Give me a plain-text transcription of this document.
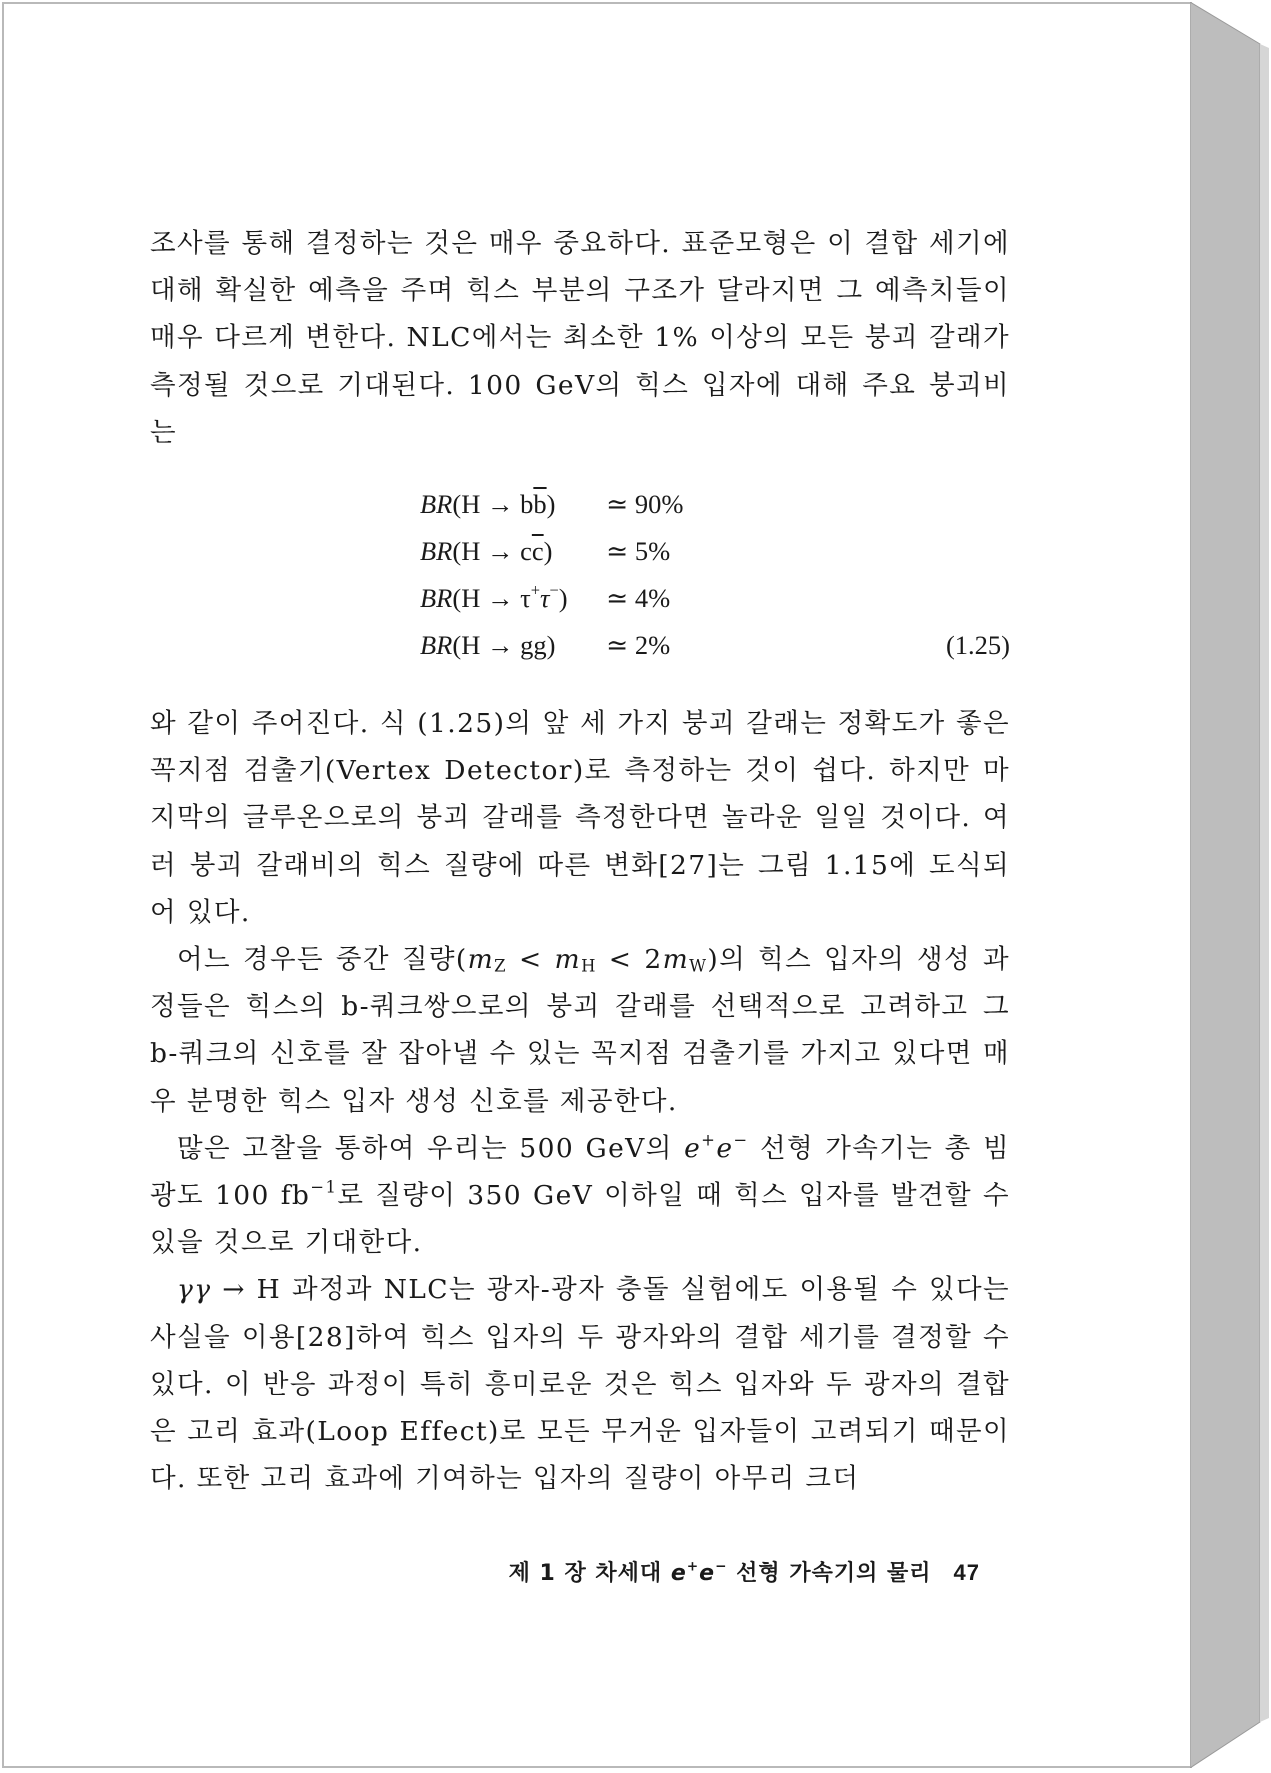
조사를 통해 결정하는 것은 매우 중요하다. 표준모형은 이 결합 세기에 대해 확실한 예측을 주며 힉스 부분의 구조가 달라지면 그 예측치들이 매우 다르게 변한다. NLC에서는 최소한 1% 이상의 모든 붕괴 갈래가 측정될 것으로 기대된다. 100 GeV의 힉스 입자에 대해 주요 붕괴비는

$BR(H \to b\overline{b})$ ≃ 90%
$BR(H \to c\overline{c})$ ≃ 5%
BR(H → τ+τ−) ≃ 4%
BR(H → gg) ≃ 2%	(1.25)

와 같이 주어진다. 식 (1.25)의 앞 세 가지 붕괴 갈래는 정확도가 좋은 꼭지점 검출기(Vertex Detector)로 측정하는 것이 쉽다. 하지만 마지막의 글루온으로의 붕괴 갈래를 측정한다면 놀라운 일일 것이다. 여러 붕괴 갈래비의 힉스 질량에 따른 변화[27]는 그림 1.15에 도식되어 있다.

어느 경우든 중간 질량$(m_Z < m_H < 2m_W)$의 힉스 입자의 생성 과정들은 힉스의 b-쿼크쌍으로의 붕괴 갈래를 선택적으로 고려하고 그 b-쿼크의 신호를 잘 잡아낼 수 있는 꼭지점 검출기를 가지고 있다면 매우 분명한 힉스 입자 생성 신호를 제공한다.

많은 고찰을 통하여 우리는 500 GeV의 e+e− 선형 가속기는 총 빔광도 100 $fb^{-1}$로 질량이 350 GeV 이하일 때 힉스 입자를 발견할 수 있을 것으로 기대한다.

γγ → H 과정과 NLC는 광자-광자 충돌 실험에도 이용될 수 있다는 사실을 이용[28]하여 힉스 입자의 두 광자와의 결합 세기를 결정할 수 있다. 이 반응 과정이 특히 흥미로운 것은 힉스 입자와 두 광자의 결합은 고리 효과(Loop Effect)로 모든 무거운 입자들이 고려되기 때문이다. 또한 고리 효과에 기여하는 입자의 질량이 아무리 크더

제 1 장 차세대 e+e− 선형 가속기의 물리 47
